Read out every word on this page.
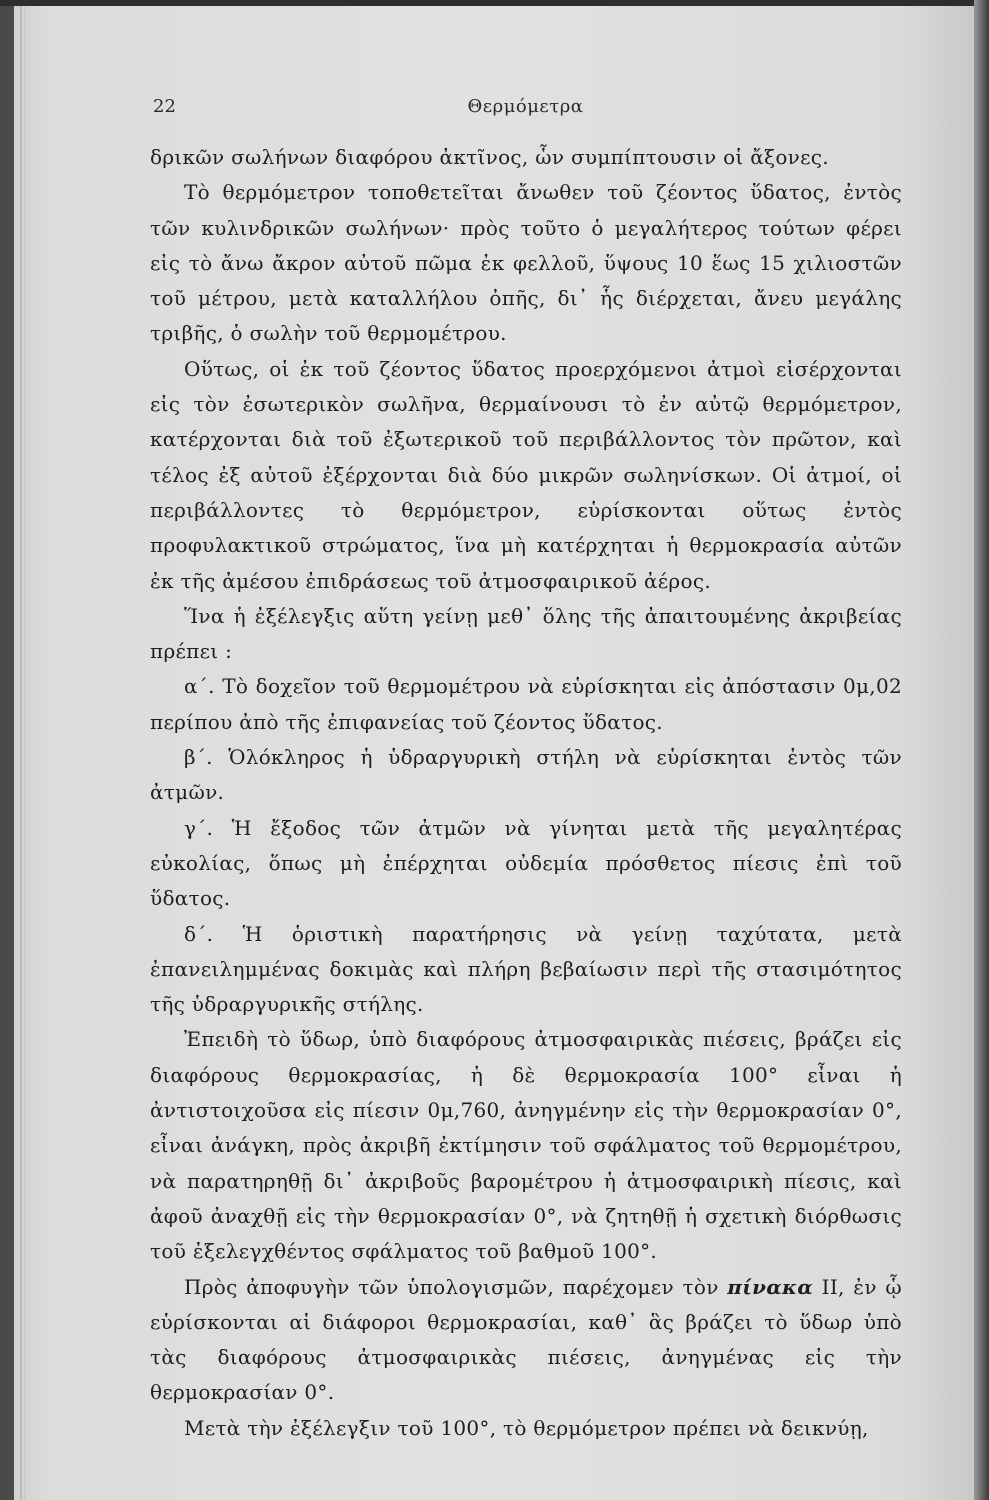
22	Θερμόμετρα

δρικῶν σωλήνων διαφόρου ἀκτῖνος, ὧν συμπίπτουσιν οἱ ἄξονες.

Τὸ θερμόμετρον τοποθετεῖται ἄνωθεν τοῦ ζέοντος ὕδατος, ἐντὸς τῶν κυλινδρικῶν σωλήνων· πρὸς τοῦτο ὁ μεγαλήτερος τούτων φέρει εἰς τὸ ἄνω ἄκρον αὐτοῦ πῶμα ἐκ φελλοῦ, ὕψους 10 ἕως 15 χιλιοστῶν τοῦ μέτρου, μετὰ καταλλήλου ὀπῆς, δι᾽ ἧς διέρχεται, ἄνευ μεγάλης τριβῆς, ὁ σωλὴν τοῦ θερμομέτρου.

Οὕτως, οἱ ἐκ τοῦ ζέοντος ὕδατος προερχόμενοι ἀτμοὶ εἰσέρχονται εἰς τὸν ἐσωτερικὸν σωλῆνα, θερμαίνουσι τὸ ἐν αὐτῷ θερμόμετρον, κατέρχονται διὰ τοῦ ἐξωτερικοῦ τοῦ περιβάλλοντος τὸν πρῶτον, καὶ τέλος ἐξ αὐτοῦ ἐξέρχονται διὰ δύο μικρῶν σωληνίσκων. Οἱ ἀτμοί, οἱ περιβάλλοντες τὸ θερμόμετρον, εὑρίσκονται οὕτως ἐντὸς προφυλακτικοῦ στρώματος, ἵνα μὴ κατέρχηται ἡ θερμοκρασία αὐτῶν ἐκ τῆς ἀμέσου ἐπιδράσεως τοῦ ἀτμοσφαιρικοῦ ἀέρος.

Ἵνα ἡ ἐξέλεγξις αὕτη γείνῃ μεθ᾽ ὅλης τῆς ἀπαιτουμένης ἀκριβείας πρέπει :

α΄. Τὸ δοχεῖον τοῦ θερμομέτρου νὰ εὑρίσκηται εἰς ἀπόστασιν 0μ,02 περίπου ἀπὸ τῆς ἐπιφανείας τοῦ ζέοντος ὕδατος.

β΄. Ὁλόκληρος ἡ ὑδραργυρικὴ στήλη νὰ εὑρίσκηται ἐντὸς τῶν ἀτμῶν.

γ΄. Ἡ ἔξοδος τῶν ἀτμῶν νὰ γίνηται μετὰ τῆς μεγαλητέρας εὐκολίας, ὅπως μὴ ἐπέρχηται οὐδεμία πρόσθετος πίεσις ἐπὶ τοῦ ὕδατος.

δ΄. Ἡ ὁριστικὴ παρατήρησις νὰ γείνῃ ταχύτατα, μετὰ ἐπανειλημμένας δοκιμὰς καὶ πλήρη βεβαίωσιν περὶ τῆς στασιμότητος τῆς ὑδραργυρικῆς στήλης.

Ἐπειδὴ τὸ ὕδωρ, ὑπὸ διαφόρους ἀτμοσφαιρικὰς πιέσεις, βράζει εἰς διαφόρους θερμοκρασίας, ἡ δὲ θερμοκρασία 100° εἶναι ἡ ἀντιστοιχοῦσα εἰς πίεσιν 0μ,760, ἀνηγμένην εἰς τὴν θερμοκρασίαν 0°, εἶναι ἀνάγκη, πρὸς ἀκριβῆ ἐκτίμησιν τοῦ σφάλματος τοῦ θερμομέτρου, νὰ παρατηρηθῇ δι᾽ ἀκριβοῦς βαρομέτρου ἡ ἀτμοσφαιρικὴ πίεσις, καὶ ἀφοῦ ἀναχθῇ εἰς τὴν θερμοκρασίαν 0°, νὰ ζητηθῇ ἡ σχετικὴ διόρθωσις τοῦ ἐξελεγχθέντος σφάλματος τοῦ βαθμοῦ 100°.

Πρὸς ἀποφυγὴν τῶν ὑπολογισμῶν, παρέχομεν τὸν πίνακα II, ἐν ᾧ εὑρίσκονται αἱ διάφοροι θερμοκρασίαι, καθ᾽ ἃς βράζει τὸ ὕδωρ ὑπὸ τὰς διαφόρους ἀτμοσφαιρικὰς πιέσεις, ἀνηγμένας εἰς τὴν θερμοκρασίαν 0°.

Μετὰ τὴν ἐξέλεγξιν τοῦ 100°, τὸ θερμόμετρον πρέπει νὰ δεικνύῃ,
